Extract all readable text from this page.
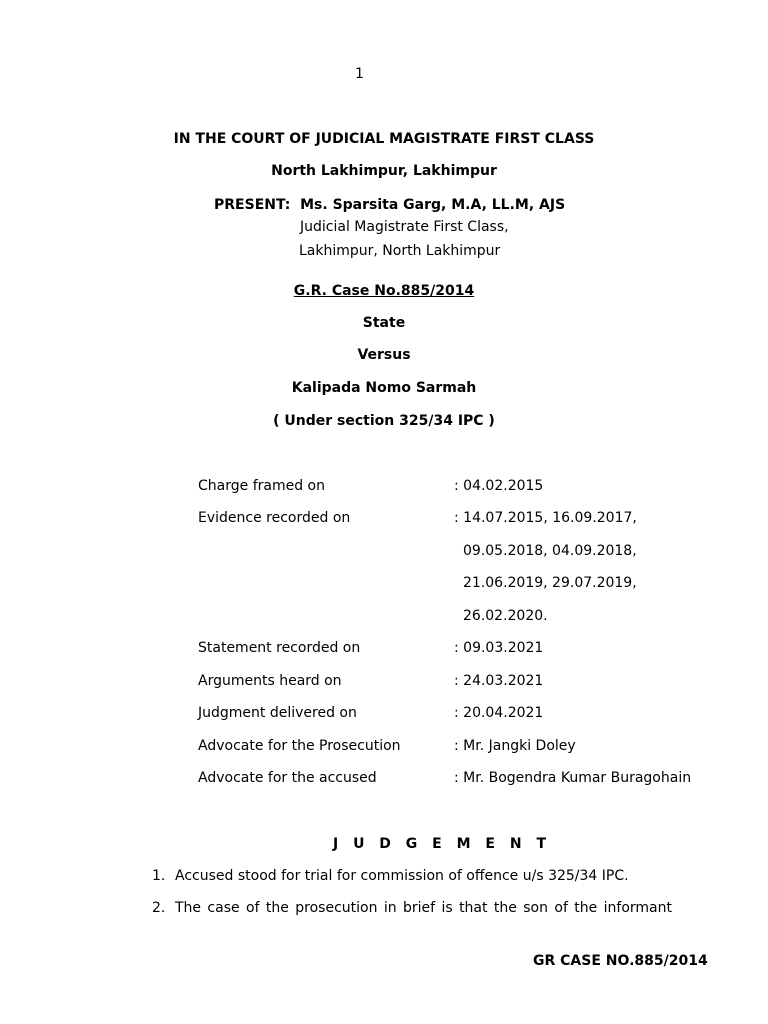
1
IN THE COURT OF JUDICIAL MAGISTRATE FIRST CLASS
North Lakhimpur, Lakhimpur
PRESENT: Ms. Sparsita Garg, M.A, LL.M, AJS
Judicial Magistrate First Class,
Lakhimpur, North Lakhimpur
G.R. Case No.885/2014
State
Versus
Kalipada Nomo Sarmah
( Under section 325/34 IPC )
Charge framed on	: 04.02.2015
Evidence recorded on	: 14.07.2015, 16.09.2017,
09.05.2018, 04.09.2018,
21.06.2019, 29.07.2019,
26.02.2020.
Statement recorded on	: 09.03.2021
Arguments heard on	: 24.03.2021
Judgment delivered on	: 20.04.2021
Advocate for the Prosecution	: Mr. Jangki Doley
Advocate for the accused	: Mr. Bogendra Kumar Buragohain
J U D G E M E N T
1. Accused stood for trial for commission of offence u/s 325/34 IPC.
2. The case of the prosecution in brief is that the son of the informant
GR CASE NO.885/2014
